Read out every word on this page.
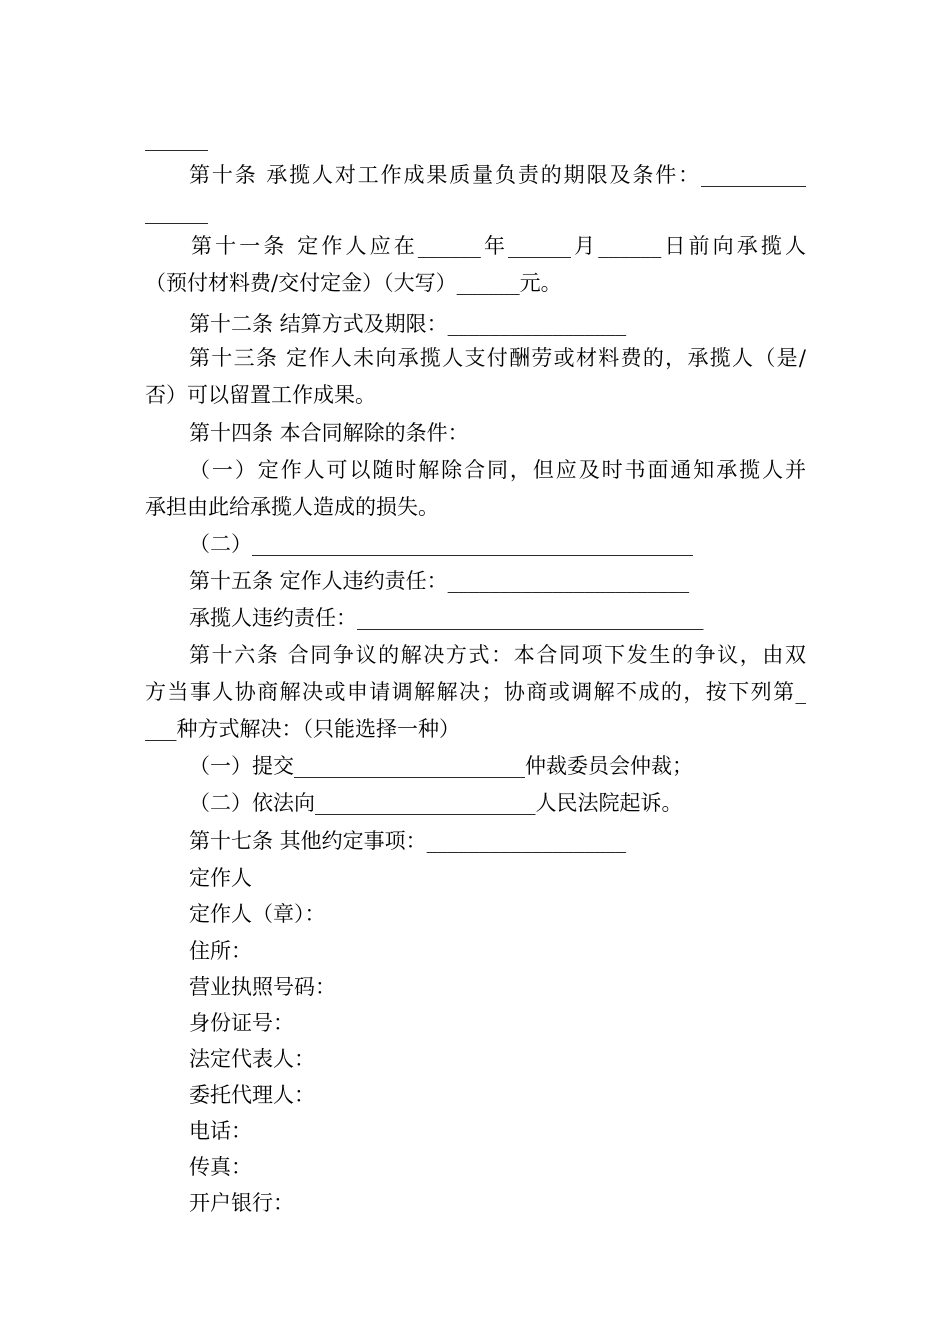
______
第十条 承揽人对工作成果质量负责的期限及条件：__________
______
第十一条 定作人应在______年______月______日前向承揽人
（预付材料费/交付定金）（大写）______元。
第十二条 结算方式及期限：_________________
第十三条 定作人未向承揽人支付酬劳或材料费的，承揽人（是/
否）可以留置工作成果。
第十四条 本合同解除的条件：
（一）定作人可以随时解除合同，但应及时书面通知承揽人并
承担由此给承揽人造成的损失。
（二）__________________________________________
第十五条 定作人违约责任：_______________________
承揽人违约责任：_________________________________
第十六条 合同争议的解决方式：本合同项下发生的争议，由双
方当事人协商解决或申请调解解决；协商或调解不成的，按下列第_
___种方式解决：（只能选择一种）
（一）提交______________________仲裁委员会仲裁；
（二）依法向_____________________人民法院起诉。
第十七条 其他约定事项：___________________
定作人
定作人（章）：
住所：
营业执照号码：
身份证号：
法定代表人：
委托代理人：
电话：
传真：
开户银行：
